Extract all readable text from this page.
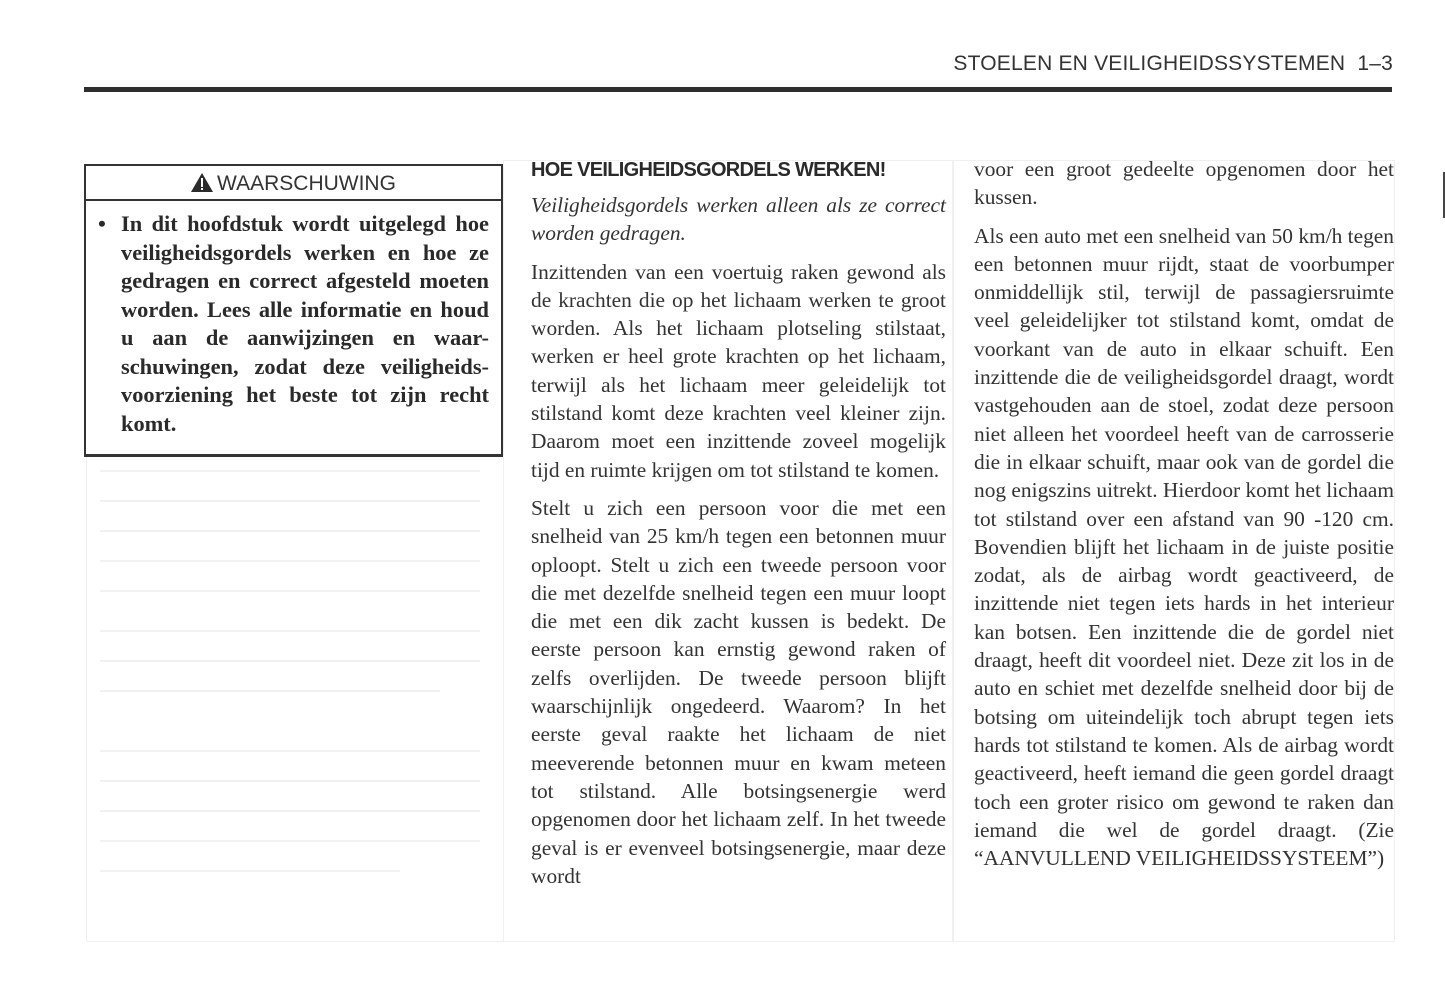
STOELEN EN VEILIGHEIDSSYSTEMEN 1–3
WAARSCHUWING
• In dit hoofdstuk wordt uitgelegd hoe veiligheidsgordels werken en hoe ze gedragen en correct afgesteld moeten worden. Lees alle informatie en houd u aan de aanwijzingen en waar-schuwingen, zodat deze veiligheids-voorziening het beste tot zijn recht komt.
HOE VEILIGHEIDSGORDELS WERKEN!

Veiligheidsgordels werken alleen als ze correct worden gedragen.

Inzittenden van een voertuig raken gewond als de krachten die op het lichaam werken te groot worden. Als het lichaam plotseling stilstaat, werken er heel grote krachten op het lichaam, terwijl als het lichaam meer geleidelijk tot stilstand komt deze krachten veel kleiner zijn. Daarom moet een inzittende zoveel mogelijk tijd en ruimte krijgen om tot stilstand te komen.

Stelt u zich een persoon voor die met een snelheid van 25 km/h tegen een betonnen muur oploopt. Stelt u zich een tweede persoon voor die met dezelfde snelheid tegen een muur loopt die met een dik zacht kussen is bedekt. De eerste persoon kan ernstig gewond raken of zelfs overlijden. De tweede persoon blijft waarschijnlijk ongedeerd. Waarom? In het eerste geval raakte het lichaam de niet meeverende betonnen muur en kwam meteen tot stilstand. Alle botsingsenergie werd opgenomen door het lichaam zelf. In het tweede geval is er evenveel botsingsenergie, maar deze wordt

voor een groot gedeelte opgenomen door het kussen.

Als een auto met een snelheid van 50 km/h tegen een betonnen muur rijdt, staat de voorbumper onmiddellijk stil, terwijl de passagiersruimte veel geleidelijker tot stilstand komt, omdat de voorkant van de auto in elkaar schuift. Een inzittende die de veiligheidsgordel draagt, wordt vastgehouden aan de stoel, zodat deze persoon niet alleen het voordeel heeft van de carrosserie die in elkaar schuift, maar ook van de gordel die nog enigszins uitrekt. Hierdoor komt het lichaam tot stilstand over een afstand van 90 -120 cm. Bovendien blijft het lichaam in de juiste positie zodat, als de airbag wordt geactiveerd, de inzittende niet tegen iets hards in het interieur kan botsen. Een inzittende die de gordel niet draagt, heeft dit voordeel niet. Deze zit los in de auto en schiet met dezelfde snelheid door bij de botsing om uiteindelijk toch abrupt tegen iets hards tot stilstand te komen. Als de airbag wordt geactiveerd, heeft iemand die geen gordel draagt toch een groter risico om gewond te raken dan iemand die wel de gordel draagt. (Zie “AANVULLEND VEILIGHEIDSSYSTEEM”)
